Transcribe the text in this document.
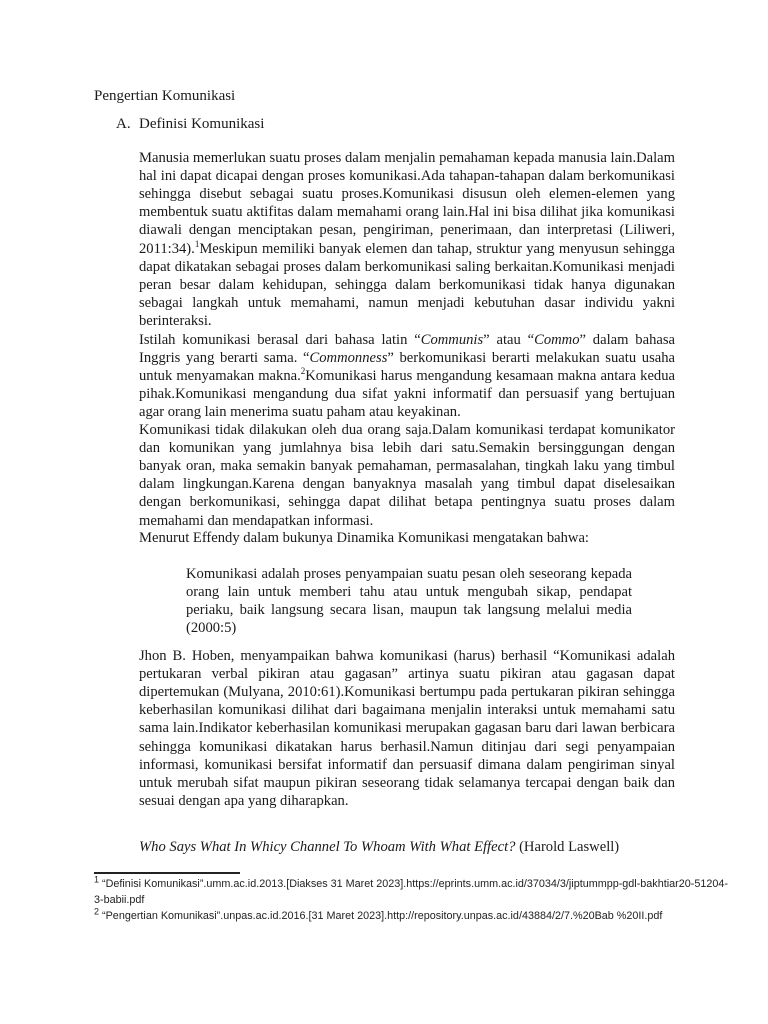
Pengertian Komunikasi
A. Definisi Komunikasi

Manusia memerlukan suatu proses dalam menjalin pemahaman kepada manusia lain.Dalam hal ini dapat dicapai dengan proses komunikasi.Ada tahapan-tahapan dalam berkomunikasi sehingga disebut sebagai suatu proses.Komunikasi disusun oleh elemen-elemen yang membentuk suatu aktifitas dalam memahami orang lain.Hal ini bisa dilihat jika komunikasi diawali dengan menciptakan pesan, pengiriman, penerimaan, dan interpretasi (Liliweri, 2011:34).$^1$Meskipun memiliki banyak elemen dan tahap, struktur yang menyusun sehingga dapat dikatakan sebagai proses dalam berkomunikasi saling berkaitan.Komunikasi menjadi peran besar dalam kehidupan, sehingga dalam berkomunikasi tidak hanya digunakan sebagai langkah untuk memahami, namun menjadi kebutuhan dasar individu yakni berinteraksi.

Istilah komunikasi berasal dari bahasa latin “Communis” atau “Commo” dalam bahasa Inggris yang berarti sama. “Commonness” berkomunikasi berarti melakukan suatu usaha untuk menyamakan makna.$^2$Komunikasi harus mengandung kesamaan makna antara kedua pihak.Komunikasi mengandung dua sifat yakni informatif dan persuasif yang bertujuan agar orang lain menerima suatu paham atau keyakinan.

Komunikasi tidak dilakukan oleh dua orang saja.Dalam komunikasi terdapat komunikator dan komunikan yang jumlahnya bisa lebih dari satu.Semakin bersinggungan dengan banyak oran, maka semakin banyak pemahaman, permasalahan, tingkah laku yang timbul dalam lingkungan.Karena dengan banyaknya masalah yang timbul dapat diselesaikan dengan berkomunikasi, sehingga dapat dilihat betapa pentingnya suatu proses dalam memahami dan mendapatkan informasi.

Menurut Effendy dalam bukunya Dinamika Komunikasi mengatakan bahwa:

Komunikasi adalah proses penyampaian suatu pesan oleh seseorang kepada orang lain untuk memberi tahu atau untuk mengubah sikap, pendapat periaku, baik langsung secara lisan, maupun tak langsung melalui media (2000:5)

Jhon B. Hoben, menyampaikan bahwa komunikasi (harus) berhasil “Komunikasi adalah pertukaran verbal pikiran atau gagasan” artinya suatu pikiran atau gagasan dapat dipertemukan (Mulyana, 2010:61).Komunikasi bertumpu pada pertukaran pikiran sehingga keberhasilan komunikasi dilihat dari bagaimana menjalin interaksi untuk memahami satu sama lain.Indikator keberhasilan komunikasi merupakan gagasan baru dari lawan berbicara sehingga komunikasi dikatakan harus berhasil.Namun ditinjau dari segi penyampaian informasi, komunikasi bersifat informatif dan persuasif dimana dalam pengiriman sinyal untuk merubah sifat maupun pikiran seseorang tidak selamanya tercapai dengan baik dan sesuai dengan apa yang diharapkan.

Who Says What In Whicy Channel To Whoam With What Effect? (Harold Laswell)

$^1$ “Definisi Komunikasi”.umm.ac.id.2013.[Diakses 31 Maret 2023].https://eprints.umm.ac.id/37034/3/jiptummpp-gdl-bakhtiar20-51204-3-babii.pdf
$^2$ “Pengertian Komunikasi”.unpas.ac.id.2016.[31 Maret 2023].http://repository.unpas.ac.id/43884/2/7.%20Bab %20II.pdf
